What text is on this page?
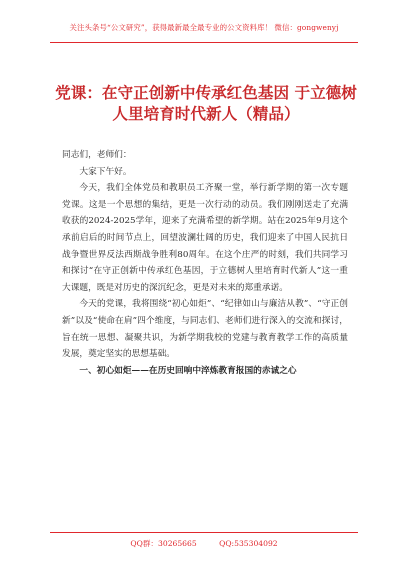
关注头条号“公文研究”，获得最新最全最专业的公文资料库！ 微信：gongwenyj
党课：在守正创新中传承红色基因 于立德树人里培育时代新人（精品）

同志们，老师们：

大家下午好。

今天，我们全体党员和教职员工齐聚一堂，举行新学期的第一次专题党课。这是一个思想的集结，更是一次行动的动员。我们刚刚送走了充满收获的2024-2025学年，迎来了充满希望的新学期。站在2025年9月这个承前启后的时间节点上，回望波澜壮阔的历史，我们迎来了中国人民抗日战争暨世界反法西斯战争胜利80周年。在这个庄严的时刻，我们共同学习和探讨“在守正创新中传承红色基因，于立德树人里培育时代新人”这一重大课题，既是对历史的深沉纪念，更是对未来的郑重承诺。

今天的党课，我将围绕“初心如炬”、“纪律如山与廉洁从教”、“守正创新”以及“使命在肩”四个维度，与同志们、老师们进行深入的交流和探讨，旨在统一思想、凝聚共识，为新学期我校的党建与教育教学工作的高质量发展，奠定坚实的思想基础。

一、初心如炬——在历史回响中淬炼教育报国的赤诚之心

QQ群：30265665	QQ:535304092
